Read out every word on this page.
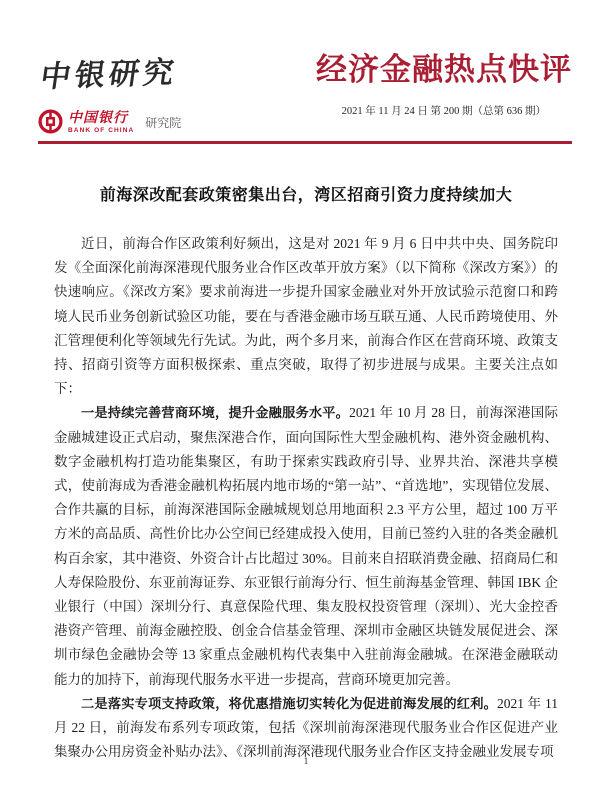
中银研究
中国银行
BANK OF CHINA 研究院
经济金融热点快评
2021 年 11 月 24 日 第 200 期（总第 636 期）
前海深改配套政策密集出台，湾区招商引资力度持续加大

近日，前海合作区政策利好频出，这是对 2021 年 9 月 6 日中共中央、国务院印发《全面深化前海深港现代服务业合作区改革开放方案》（以下简称《深改方案》）的快速响应。《深改方案》要求前海进一步提升国家金融业对外开放试验示范窗口和跨境人民币业务创新试验区功能，要在与香港金融市场互联互通、人民币跨境使用、外汇管理便利化等领域先行先试。为此，两个多月来，前海合作区在营商环境、政策支持、招商引资等方面积极探索、重点突破，取得了初步进展与成果。主要关注点如下：

一是持续完善营商环境，提升金融服务水平。2021 年 10 月 28 日，前海深港国际金融城建设正式启动，聚焦深港合作，面向国际性大型金融机构、港外资金融机构、数字金融机构打造功能集聚区，有助于探索实践政府引导、业界共治、深港共享模式，使前海成为香港金融机构拓展内地市场的“第一站”、“首选地”，实现错位发展、合作共赢的目标，前海深港国际金融城规划总用地面积 2.3 平方公里，超过 100 万平方米的高品质、高性价比办公空间已经建成投入使用，目前已签约入驻的各类金融机构百余家，其中港资、外资合计占比超过 30%。目前来自招联消费金融、招商局仁和人寿保险股份、东亚前海证券、东亚银行前海分行、恒生前海基金管理、韩国 IBK 企业银行（中国）深圳分行、真意保险代理、集友股权投资管理（深圳）、光大金控香港资产管理、前海金融控股、创金合信基金管理、深圳市金融区块链发展促进会、深圳市绿色金融协会等 13 家重点金融机构代表集中入驻前海金融城。在深港金融联动能力的加持下，前海现代服务水平进一步提高，营商环境更加完善。

二是落实专项支持政策，将优惠措施切实转化为促进前海发展的红利。2021 年 11 月 22 日，前海发布系列专项政策，包括《深圳前海深港现代服务业合作区促进产业集聚办公用房资金补贴办法》、《深圳前海深港现代服务业合作区支持金融业发展专项

1
